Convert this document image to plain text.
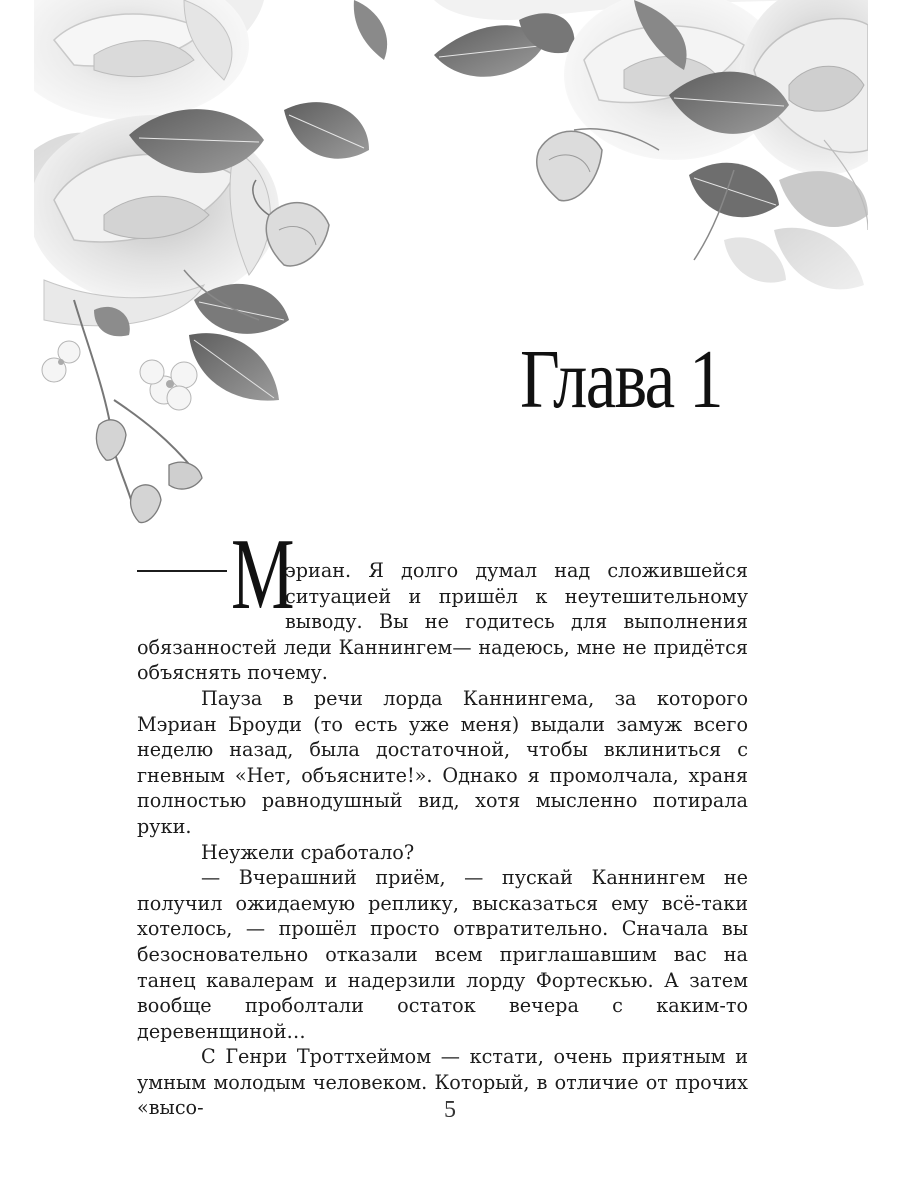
Глава 1

М
эриан. Я долго думал над сложившейся ситуацией и пришёл к неутешительному выводу. Вы не годитесь для выполнения обязанностей леди Каннингем— надеюсь, мне не придётся объяснять почему.

Пауза в речи лорда Каннингема, за которого Мэриан Броуди (то есть уже меня) выдали замуж всего неделю назад, была достаточной, чтобы вклиниться с гневным «Нет, объясните!». Однако я промолчала, храня полностью равнодушный вид, хотя мысленно потирала руки.

Неужели сработало?

— Вчерашний приём, — пускай Каннингем не получил ожидаемую реплику, высказаться ему всё-таки хотелось, — прошёл просто отвратительно. Сначала вы безосновательно отказали всем приглашавшим вас на танец кавалерам и надерзили лорду Фортескью. А затем вообще проболтали остаток вечера с каким-то деревенщиной…

С Генри Троттхеймом — кстати, очень приятным и умным молодым человеком. Который, в отличие от прочих «высо-	5
